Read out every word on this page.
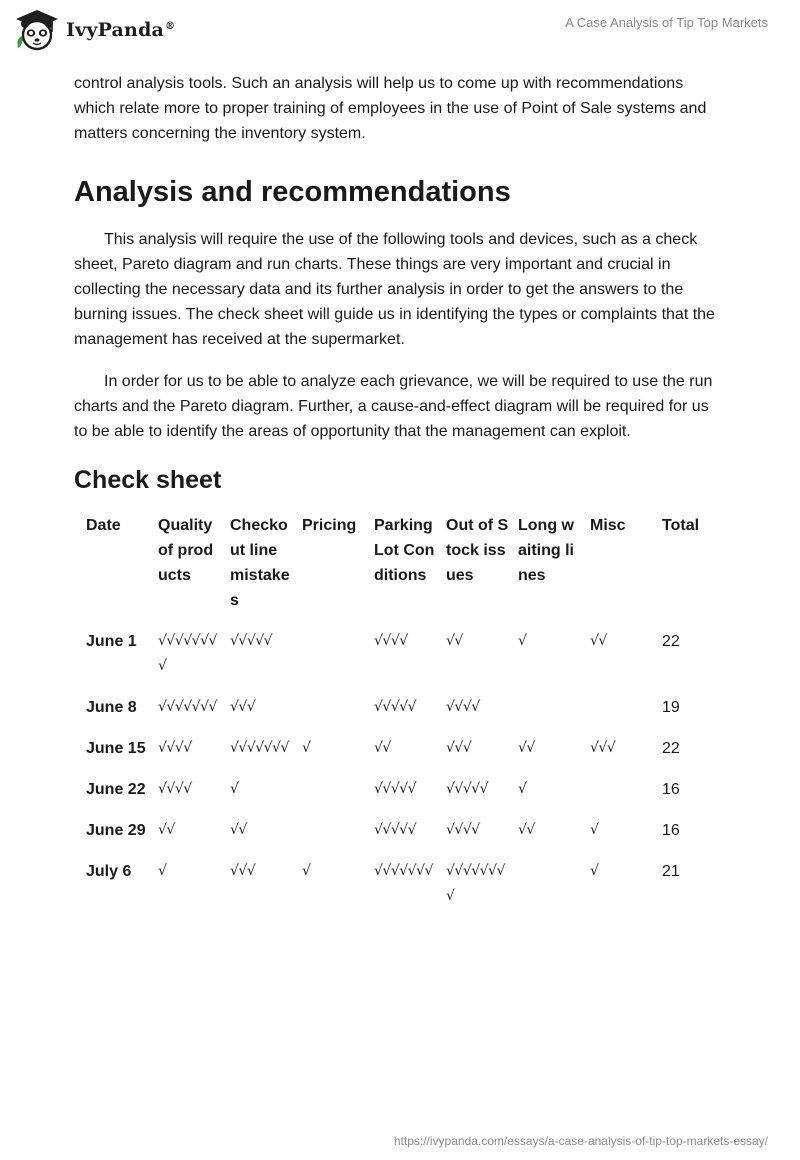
IvyPanda®	A Case Analysis of Tip Top Markets

control analysis tools. Such an analysis will help us to come up with recommendations which relate more to proper training of employees in the use of Point of Sale systems and matters concerning the inventory system.

Analysis and recommendations

This analysis will require the use of the following tools and devices, such as a check sheet, Pareto diagram and run charts. These things are very important and crucial in collecting the necessary data and its further analysis in order to get the answers to the burning issues. The check sheet will guide us in identifying the types or complaints that the management has received at the supermarket.

In order for us to be able to analyze each grievance, we will be required to use the run charts and the Pareto diagram. Further, a cause-and-effect diagram will be required for us to be able to identify the areas of opportunity that the management can exploit.

Check sheet
Date	Quality of products	Checkout line mistakes	Pricing	Parking Lot Conditions	Out of Stock issues	Long waiting lines	Misc	Total
June 1	√√√√√√√√	√√√√√		√√√√	√√	√	√√	22
June 8	√√√√√√√	√√√		√√√√√	√√√√			19
June 15	√√√√	√√√√√√√	√	√√	√√√	√√	√√√	22
June 22	√√√√	√		√√√√√	√√√√√	√		16
June 29	√√	√√		√√√√√	√√√√	√√	√	16
July 6	√	√√√	√	√√√√√√√	√√√√√√√√		√	21
https://ivypanda.com/essays/a-case-analysis-of-tip-top-markets-essay/
